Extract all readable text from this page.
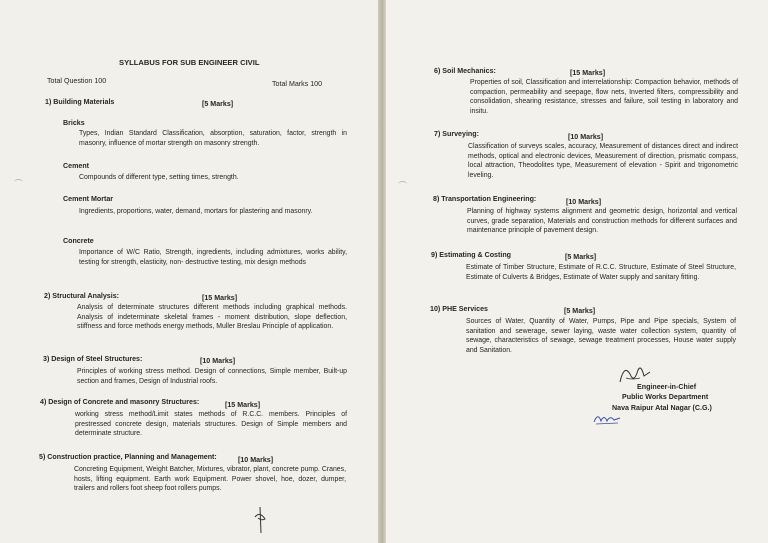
SYLLABUS FOR SUB ENGINEER CIVIL
Total Question 100	Total Marks 100
1) Building Materials	[5 Marks]
Bricks
Types, Indian Standard Classification, absorption, saturation, factor, strength in masonry, influence of mortar strength on masonry strength.
Cement
Compounds of different type, setting times, strength.
Cement Mortar
Ingredients, proportions, water, demand, mortars for plastering and masonry.
Concrete
Importance of W/C Ratio, Strength, ingredients, including admixtures, works ability, testing for strength, elasticity, non- destructive testing, mix design methods
2) Structural Analysis:	[15 Marks]
Analysis of determinate structures different methods including graphical methods. Analysis of indeterminate skeletal frames - moment distribution, slope deflection, stiffness and force methods energy methods, Muller Breslau Principle of application.
3) Design of Steel Structures:	[10 Marks]
Principles of working stress method. Design of connections, Simple member, Built-up section and frames, Design of Industrial roofs.
4) Design of Concrete and masonry Structures:	[15 Marks]
working stress method/Limit states methods of R.C.C. members. Principles of prestressed concrete design, materials structures. Design of Simple members and determinate structure.
5) Construction practice, Planning and Management:	[10 Marks]
Concreting Equipment, Weight Batcher, Mixtures, vibrator, plant, concrete pump. Cranes, hosts, lifting equipment. Earth work Equipment. Power shovel, hoe, dozer, dumper, trailers and rollers foot sheep foot rollers pumps.
6) Soil Mechanics:	[15 Marks]
Properties of soil, Classification and interrelationship: Compaction behavior, methods of compaction, permeability and seepage, flow nets, Inverted filters, compressibility and consolidation, shearing resistance, stresses and failure, soil testing in laboratory and insitu.
7) Surveying:	[10 Marks]
Classification of surveys scales, accuracy, Measurement of distances direct and indirect methods, optical and electronic devices, Measurement of direction, prismatic compass, local attraction, Theodolites type, Measurement of elevation - Spirit and trigonometric leveling.
8) Transportation Engineering:	[10 Marks]
Planning of highway systems alignment and geometric design, horizontal and vertical curves, grade separation, Materials and construction methods for different surfaces and maintenance principle of pavement design.
9) Estimating & Costing	[5 Marks]
Estimate of Timber Structure, Estimate of R.C.C. Structure, Estimate of Steel Structure, Estimate of Culverts & Bridges, Estimate of Water supply and sanitary fitting.
10) PHE Services	[5 Marks]
Sources of Water, Quantity of Water, Pumps, Pipe and Pipe specials, System of sanitation and sewerage, sewer laying, waste water collection system, quantity of sewage, characteristics of sewage, sewage treatment processes, House water supply and Sanitation.
Engineer-in-Chief
Public Works Department
Nava Raipur Atal Nagar (C.G.)
